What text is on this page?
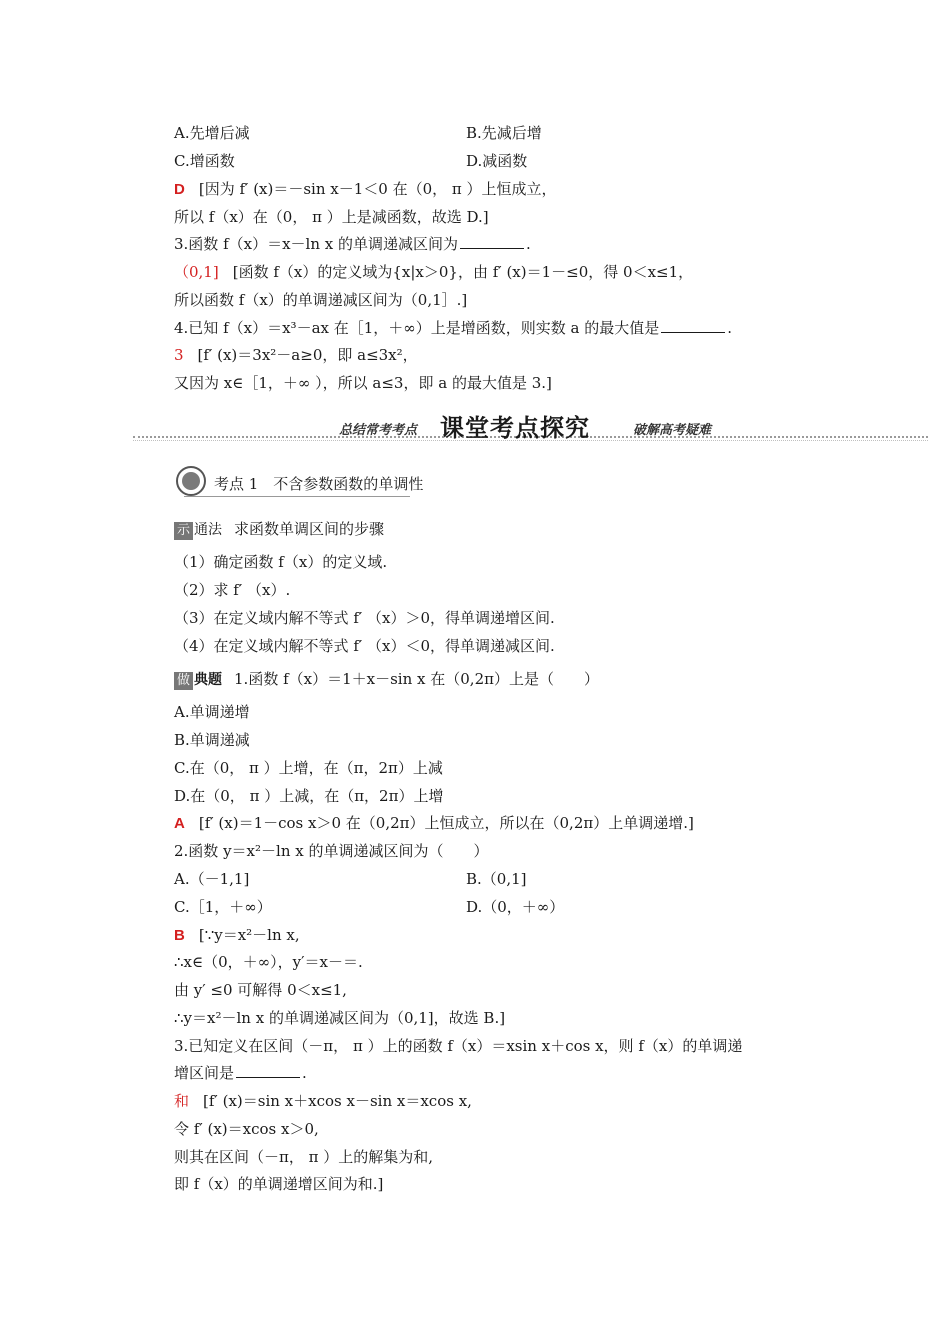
A.先增后减	B.先减后增
C.增函数	D.减函数
D [因为 f′ (x)＝－sin x－1＜0 在（0， π ）上恒成立，
所以 f（x）在（0， π ）上是减函数，故选 D.]
3.函数 f（x）＝x－ln x 的单调递减区间为	.
（0,1] [函数 f（x）的定义域为{x|x＞0}，由 f′ (x)＝1－≤0，得 0＜x≤1，
所以函数 f（x）的单调递减区间为（0,1］.]
4.已知 f（x）＝x³－ax 在［1，＋∞）上是增函数，则实数 a 的最大值是	.
3 [f′ (x)＝3x²－a≥0，即 a≤3x²，
又因为 x∈［1，＋∞ ），所以 a≤3，即 a 的最大值是 3.]
总结常考考点 课堂考点探究	破解高考疑难
考点 1　不含参数函数的单调性
示 通法 求函数单调区间的步骤
（1）确定函数 f（x）的定义域.
（2）求 f′ （x）.
（3）在定义域内解不等式 f′ （x）＞0，得单调递增区间.
（4）在定义域内解不等式 f′ （x）＜0，得单调递减区间.
做 典题 1.函数 f（x）＝1＋x－sin x 在（0,2π）上是（　　）
A.单调递增
B.单调递减
C.在（0， π ）上增，在（π，2π）上减
D.在（0， π ）上减，在（π，2π）上增
A [f′ (x)＝1－cos x＞0 在（0,2π）上恒成立，所以在（0,2π）上单调递增.]
2.函数 y＝x²－ln x 的单调递减区间为（　　）
A.（－1,1]	B.（0,1]
C.［1，＋∞）	D.（0，＋∞）
B [∵y＝x²－ln x,
∴x∈（0，＋∞），y′＝x－＝.
由 y′ ≤0 可解得 0＜x≤1,
∴y＝x²－ln x 的单调递减区间为（0,1]，故选 B.]
3.已知定义在区间（－π， π ）上的函数 f（x）＝xsin x＋cos x，则 f（x）的单调递
增区间是	.
和 [f′ (x)＝sin x＋xcos x－sin x＝xcos x,
令 f′ (x)＝xcos x＞0,
则其在区间（－π， π ）上的解集为和,
即 f（x）的单调递增区间为和.]
